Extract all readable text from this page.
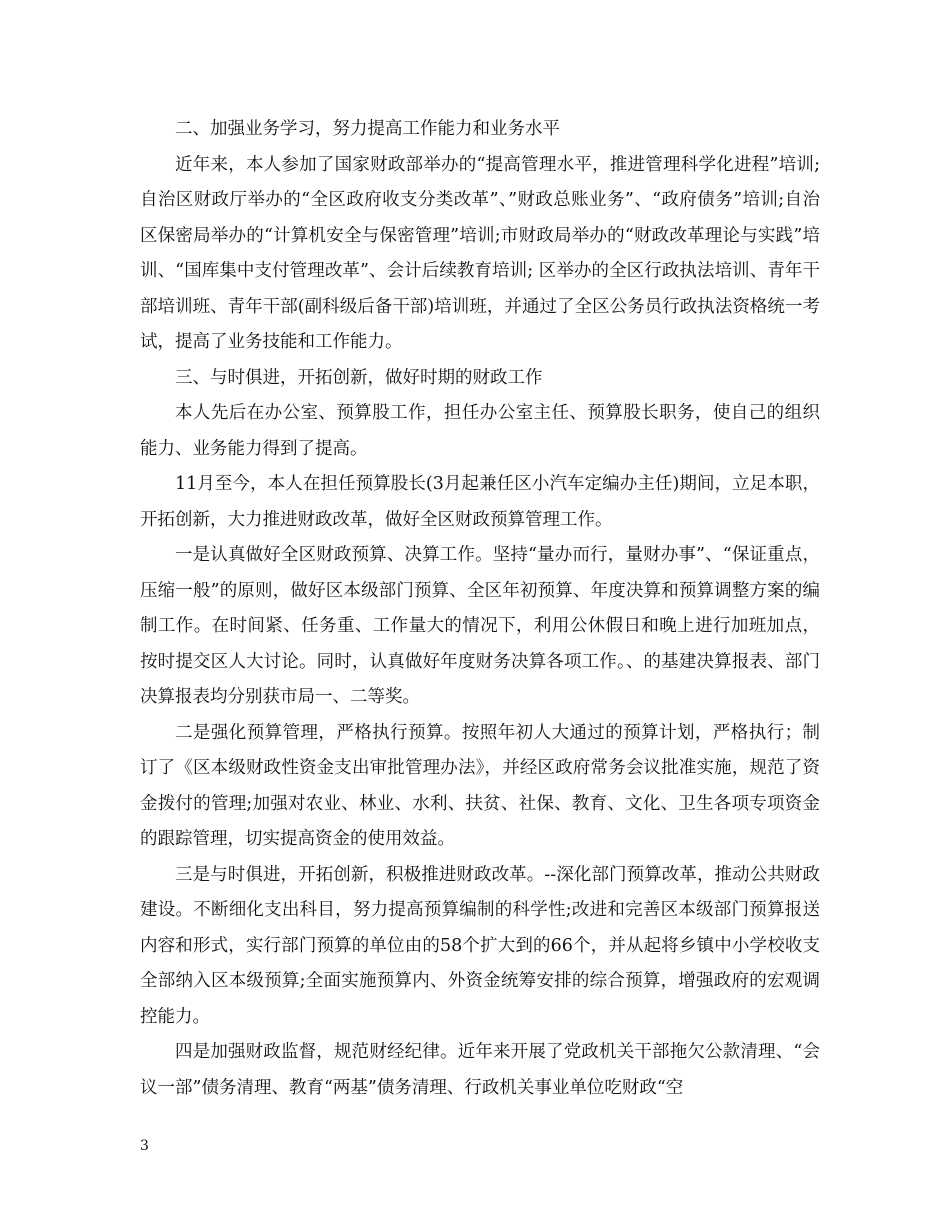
二、加强业务学习，努力提高工作能力和业务水平

近年来，本人参加了国家财政部举办的“提高管理水平，推进管理科学化进程”培训;自治区财政厅举办的“全区政府收支分类改革”、”财政总账业务”、“政府债务”培训;自治区保密局举办的“计算机安全与保密管理”培训;市财政局举办的“财政改革理论与实践”培训、“国库集中支付管理改革”、会计后续教育培训; 区举办的全区行政执法培训、青年干部培训班、青年干部(副科级后备干部)培训班，并通过了全区公务员行政执法资格统一考试，提高了业务技能和工作能力。

三、与时俱进，开拓创新，做好时期的财政工作

本人先后在办公室、预算股工作，担任办公室主任、预算股长职务，使自己的组织能力、业务能力得到了提高。

11月至今，本人在担任预算股长(3月起兼任区小汽车定编办主任)期间，立足本职，开拓创新，大力推进财政改革，做好全区财政预算管理工作。

一是认真做好全区财政预算、决算工作。坚持“量办而行，量财办事”、“保证重点，压缩一般”的原则，做好区本级部门预算、全区年初预算、年度决算和预算调整方案的编制工作。在时间紧、任务重、工作量大的情况下，利用公休假日和晚上进行加班加点，按时提交区人大讨论。同时，认真做好年度财务决算各项工作。、的基建决算报表、部门决算报表均分别获市局一、二等奖。

二是强化预算管理，严格执行预算。按照年初人大通过的预算计划，严格执行；制订了《区本级财政性资金支出审批管理办法》，并经区政府常务会议批准实施，规范了资金拨付的管理;加强对农业、林业、水利、扶贫、社保、教育、文化、卫生各项专项资金的跟踪管理，切实提高资金的使用效益。

三是与时俱进，开拓创新，积极推进财政改革。--深化部门预算改革，推动公共财政建设。不断细化支出科目，努力提高预算编制的科学性;改进和完善区本级部门预算报送内容和形式，实行部门预算的单位由的58个扩大到的66个，并从起将乡镇中小学校收支全部纳入区本级预算;全面实施预算内、外资金统筹安排的综合预算，增强政府的宏观调控能力。

四是加强财政监督，规范财经纪律。近年来开展了党政机关干部拖欠公款清理、“会议一部”债务清理、教育“两基”债务清理、行政机关事业单位吃财政“空

3
